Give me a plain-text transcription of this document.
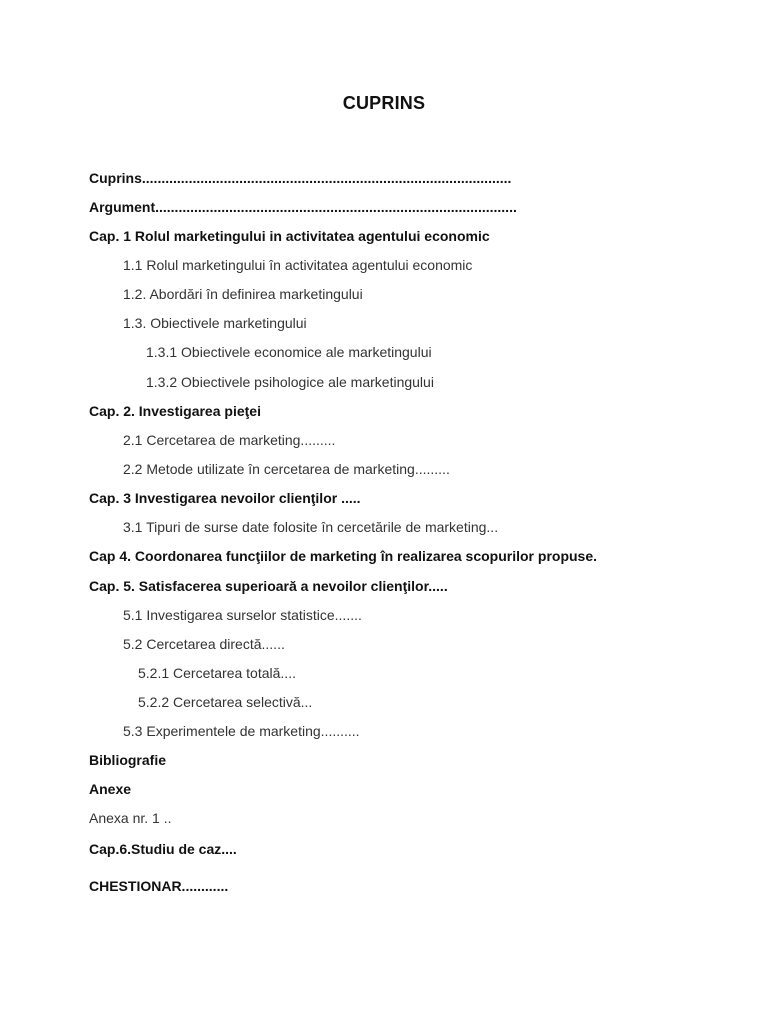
CUPRINS
Cuprins...............................................................................................
Argument.............................................................................................
Cap. 1 Rolul marketingului in activitatea agentului economic
1.1 Rolul marketingului în activitatea agentului economic
1.2. Abordări în definirea marketingului
1.3. Obiectivele marketingului
1.3.1 Obiectivele economice ale marketingului
1.3.2 Obiectivele psihologice ale marketingului
Cap. 2. Investigarea pieţei
2.1 Cercetarea de marketing.........
2.2 Metode utilizate în cercetarea de marketing.........
Cap. 3 Investigarea nevoilor clienţilor .....
3.1 Tipuri de surse date folosite în cercetările de marketing...
Cap 4. Coordonarea funcţiilor de marketing în realizarea scopurilor propuse.
Cap. 5. Satisfacerea superioară a nevoilor clienţilor.....
5.1 Investigarea surselor statistice.......
5.2 Cercetarea directă......
5.2.1 Cercetarea totală....
5.2.2 Cercetarea selectivă...
5.3 Experimentele de marketing..........
Bibliografie
Anexe
Anexa nr. 1 ..
Cap.6.Studiu de caz....
CHESTIONAR............
